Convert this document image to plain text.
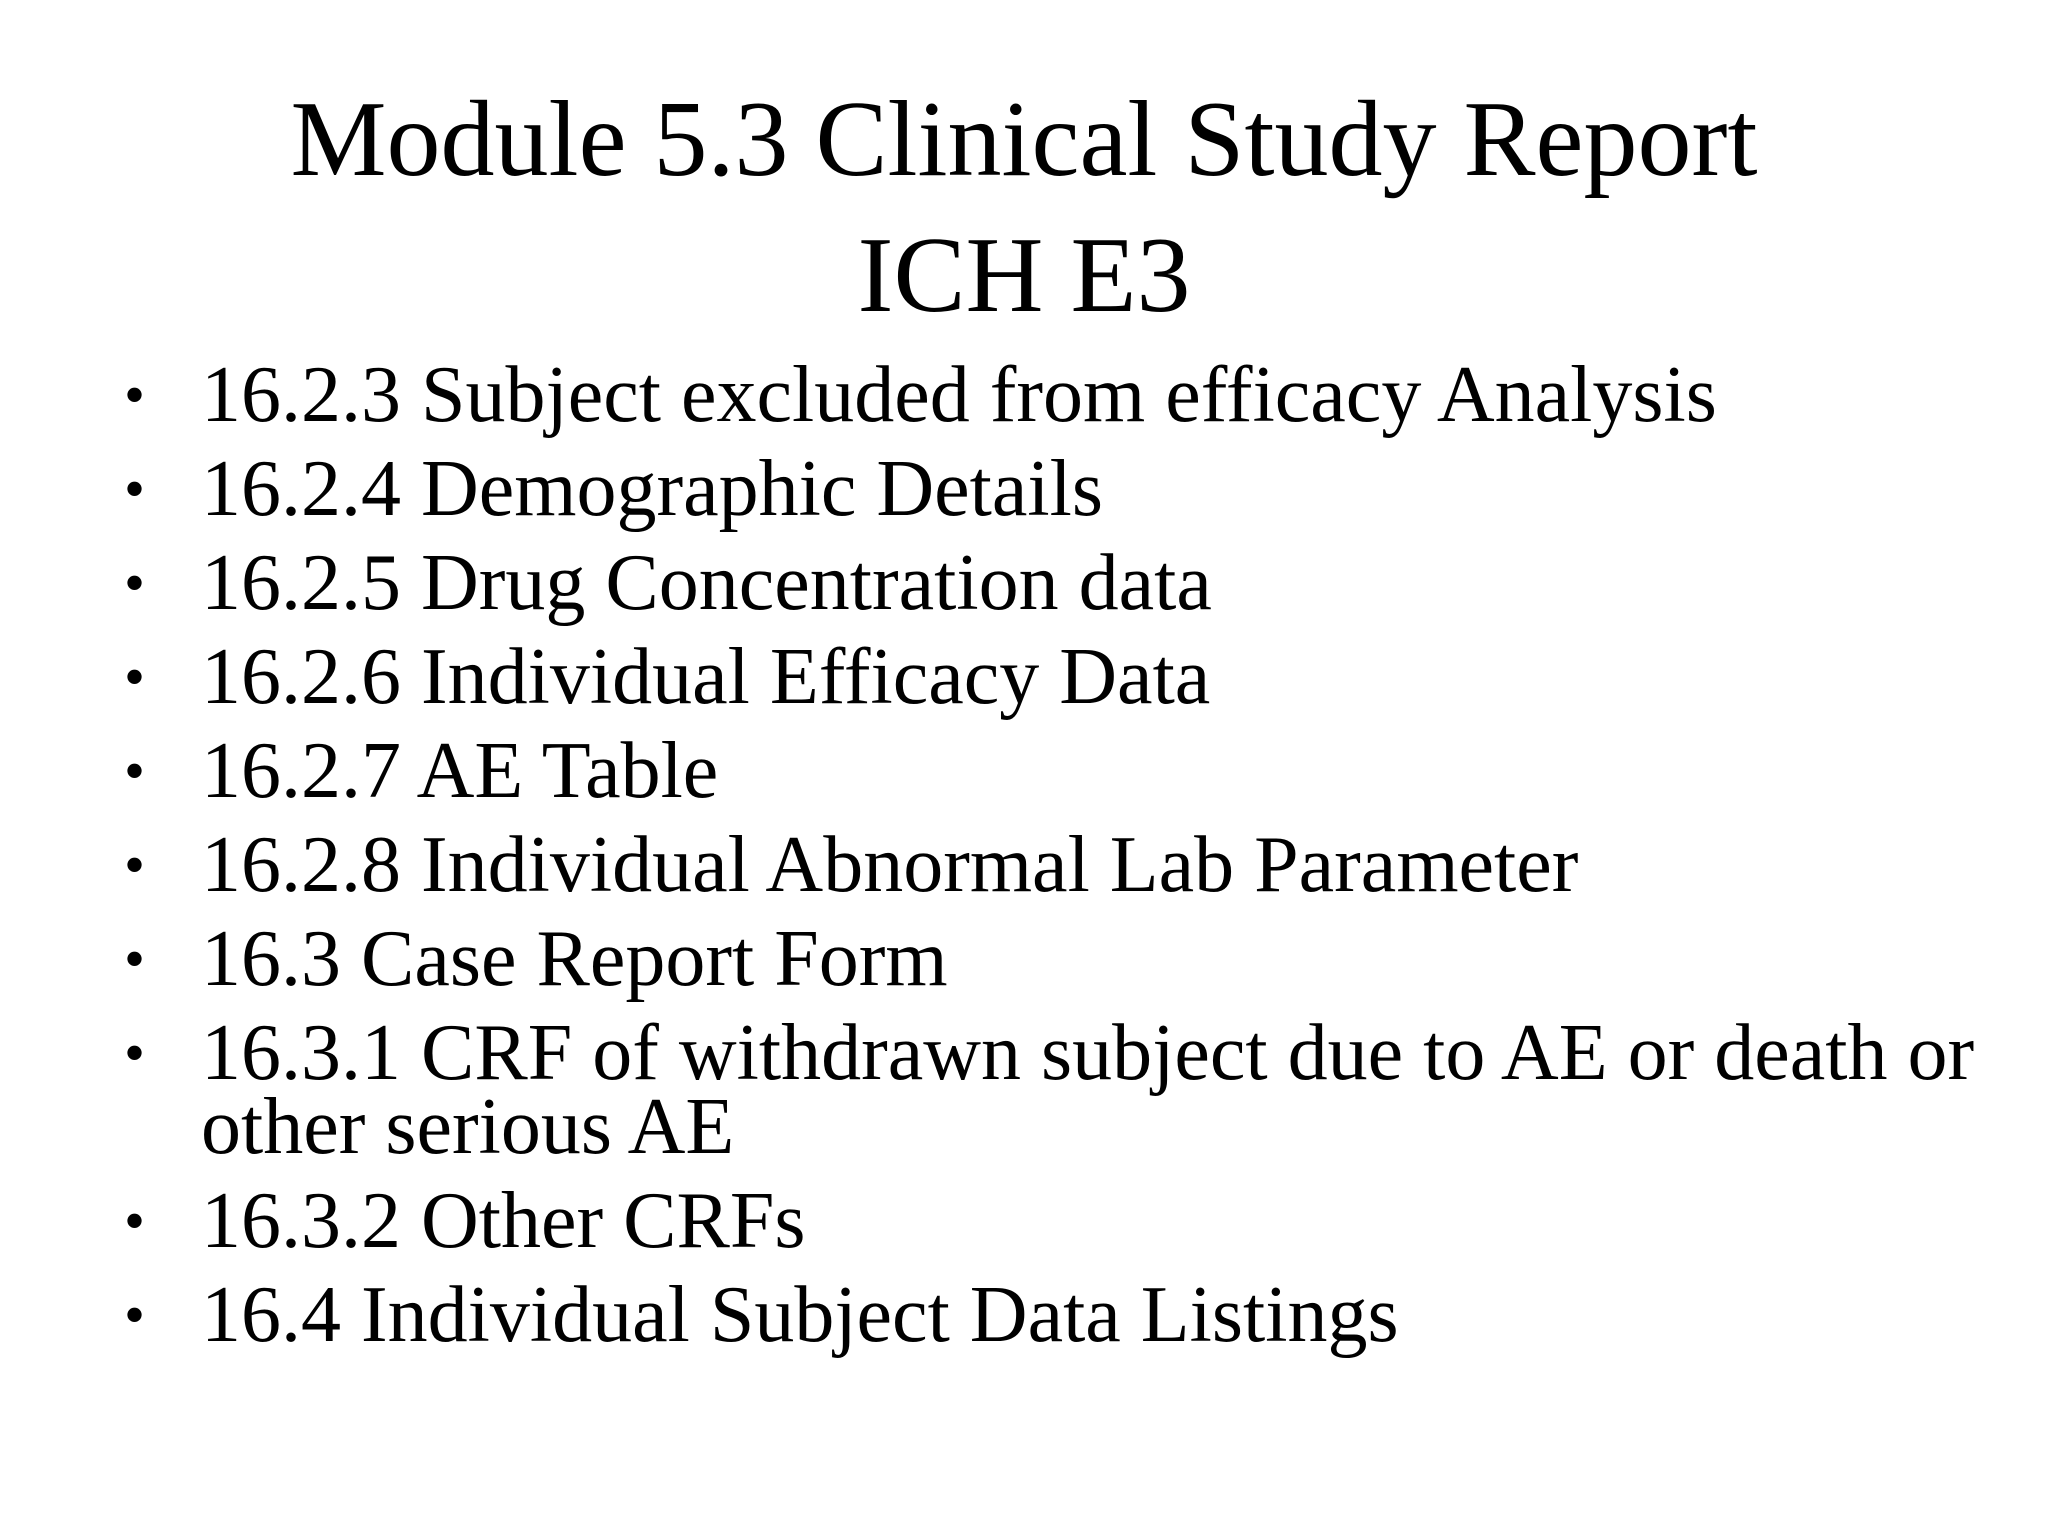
Module 5.3 Clinical Study Report
ICH E3
• 16.2.3 Subject excluded from efficacy Analysis
• 16.2.4 Demographic Details
• 16.2.5 Drug Concentration data
• 16.2.6 Individual Efficacy Data
• 16.2.7 AE Table
• 16.2.8 Individual Abnormal Lab Parameter
• 16.3 Case Report Form
• 16.3.1 CRF of withdrawn subject due to AE or death or other serious AE
• 16.3.2 Other CRFs
• 16.4 Individual Subject Data Listings
